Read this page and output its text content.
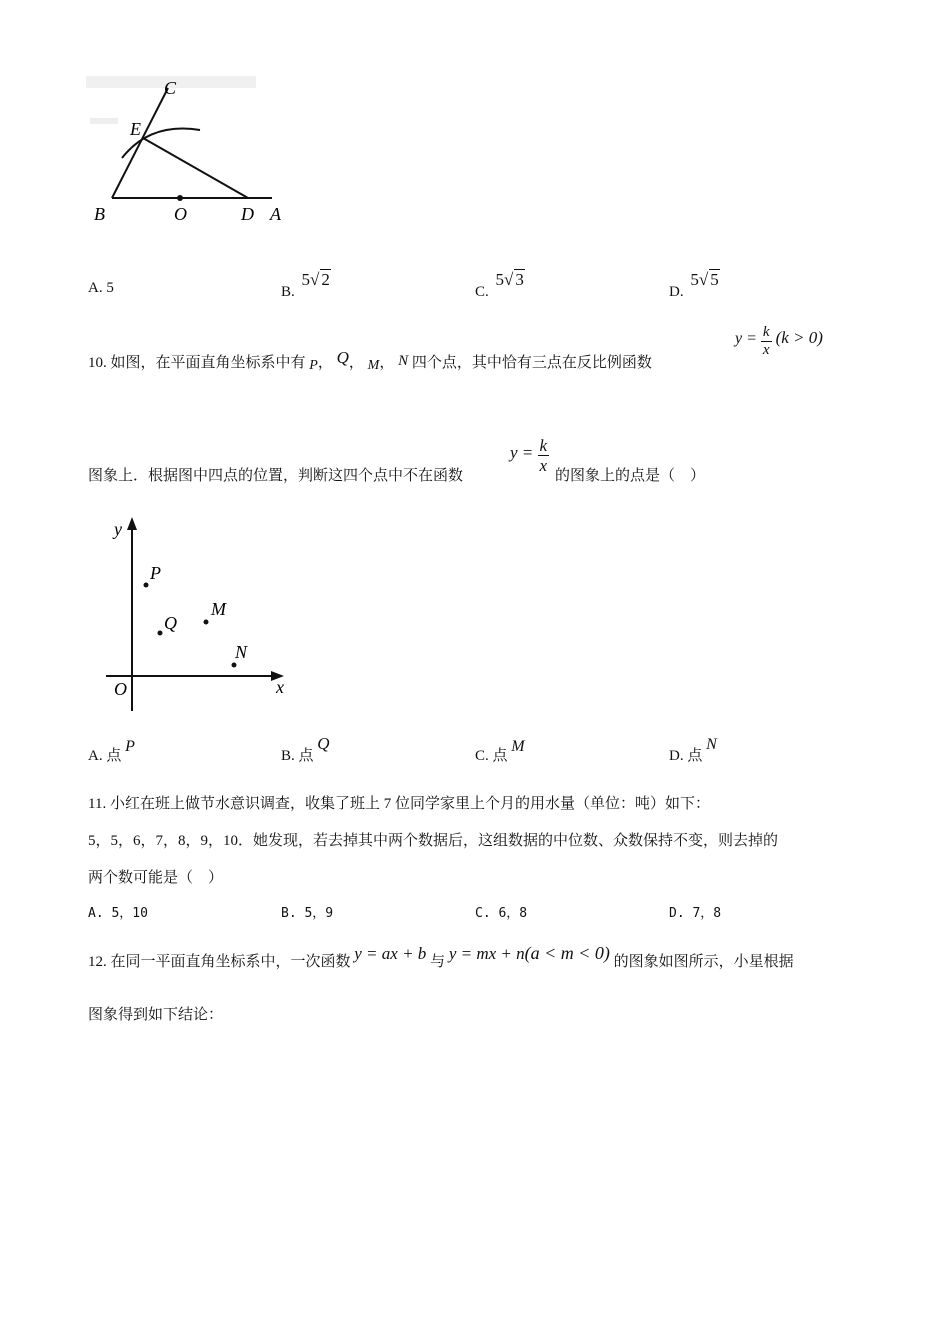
C
E
B	O	D A
A. 5	B. 5√ 2
C. 5√ 3
D. 5√ 5
10. 如图，在平面直角坐标系中有 P， Q， M， N 四个点，其中恰有三点在反比例函数
$y = \frac{k}{x} (k > 0)$
图象上．根据图中四点的位置，判断这四个点中不在函数
$y = \frac{k}{x}$
的图象上的点是（　）
y
x
O
P
Q
M
N
A. 点 P
B. 点 Q
C. 点 M
D. 点 N
11. 小红在班上做节水意识调查，收集了班上 7 位同学家里上个月的用水量（单位：吨）如下：
5，5，6，7，8，9，10．她发现，若去掉其中两个数据后，这组数据的中位数、众数保持不变，则去掉的
两个数可能是（　）
A. 5，10	B. 5，9	C. 6，8	D. 7，8
12. 在同一平面直角坐标系中，一次函数 y = ax + b 与 y = mx + n(a < m < 0) 的图象如图所示，小星根据
图象得到如下结论：
